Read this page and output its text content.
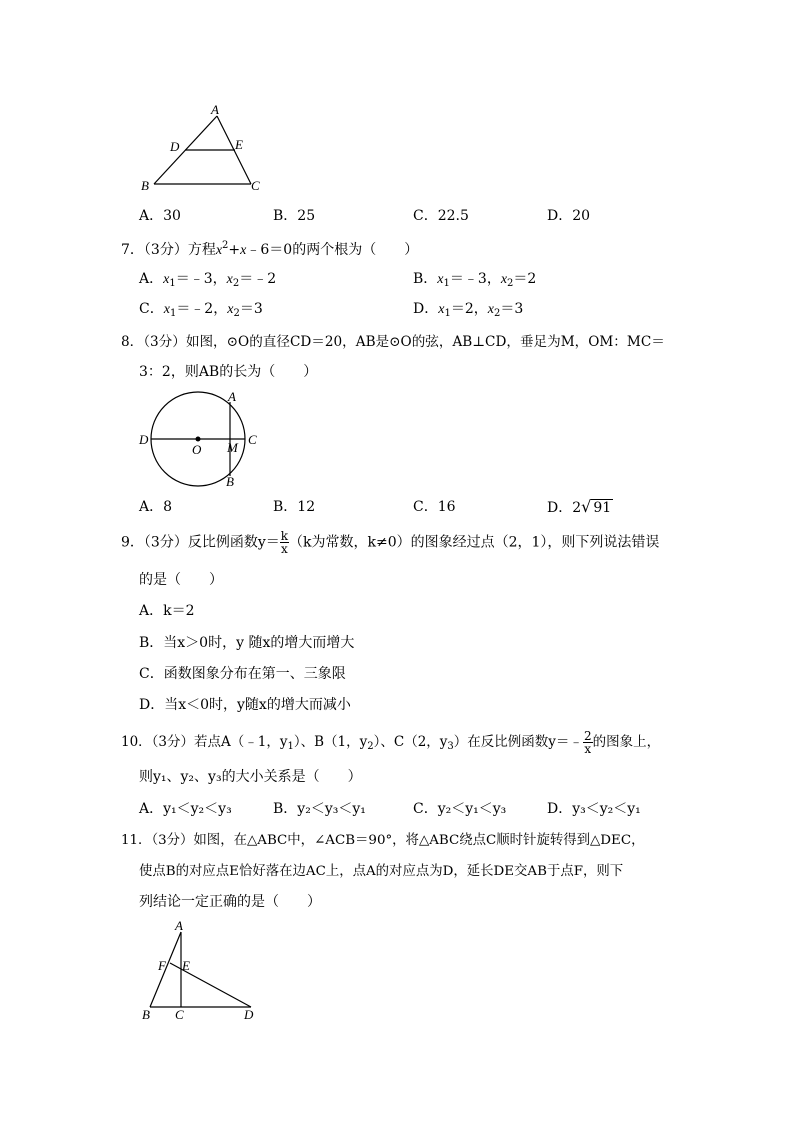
A
D	E
B	C
A．30	B．25	C．22.5	D．20
7．（3分）方程$x^2+x﹣6=0$的两个根为（　　）
A．$x_1=﹣3$，$x_2=﹣2$	B．$x_1=﹣3$，$x_2=2$
C．$x_1=﹣2$，$x_2=3$	D．$x_1=2$，$x_2=3$
8．（3分）如图，⊙O的直径CD＝20，AB是⊙O的弦，AB⊥CD，垂足为M，OM：MC＝
3：2，则AB的长为（　　）
A
D	C
O M
B
A．8	B．12	C．16	D．2√ 91
9．（3分）反比例函数$y= \frac{k}{x} (k$为常数，k≠0）的图象经过点（2，1），则下列说法错误
的是（　　）
A．k＝2
B．当x＞0时，y 随x的增大而增大
C．函数图象分布在第一、三象限
D．当x＜0时，y随x的增大而减小
10．（3分）若点A（﹣1，$y_1$）、B（1，$y_2$）、C（2，$y_3$）在反比例函数y＝﹣ $\frac{2}{x}$ 的图象上，
则y₁、y₂、y₃的大小关系是（　　）
A．y₁＜y₂＜y₃	B．y₂＜y₃＜y₁	C．y₂＜y₁＜y₃	D．y₃＜y₂＜y₁
11．（3分）如图，在△ABC中，∠ACB＝90°，将△ABC绕点C顺时针旋转得到△DEC，
使点B的对应点E恰好落在边AC上，点A的对应点为D，延长DE交AB于点F，则下
列结论一定正确的是（　　）
A
F E
B C	D
